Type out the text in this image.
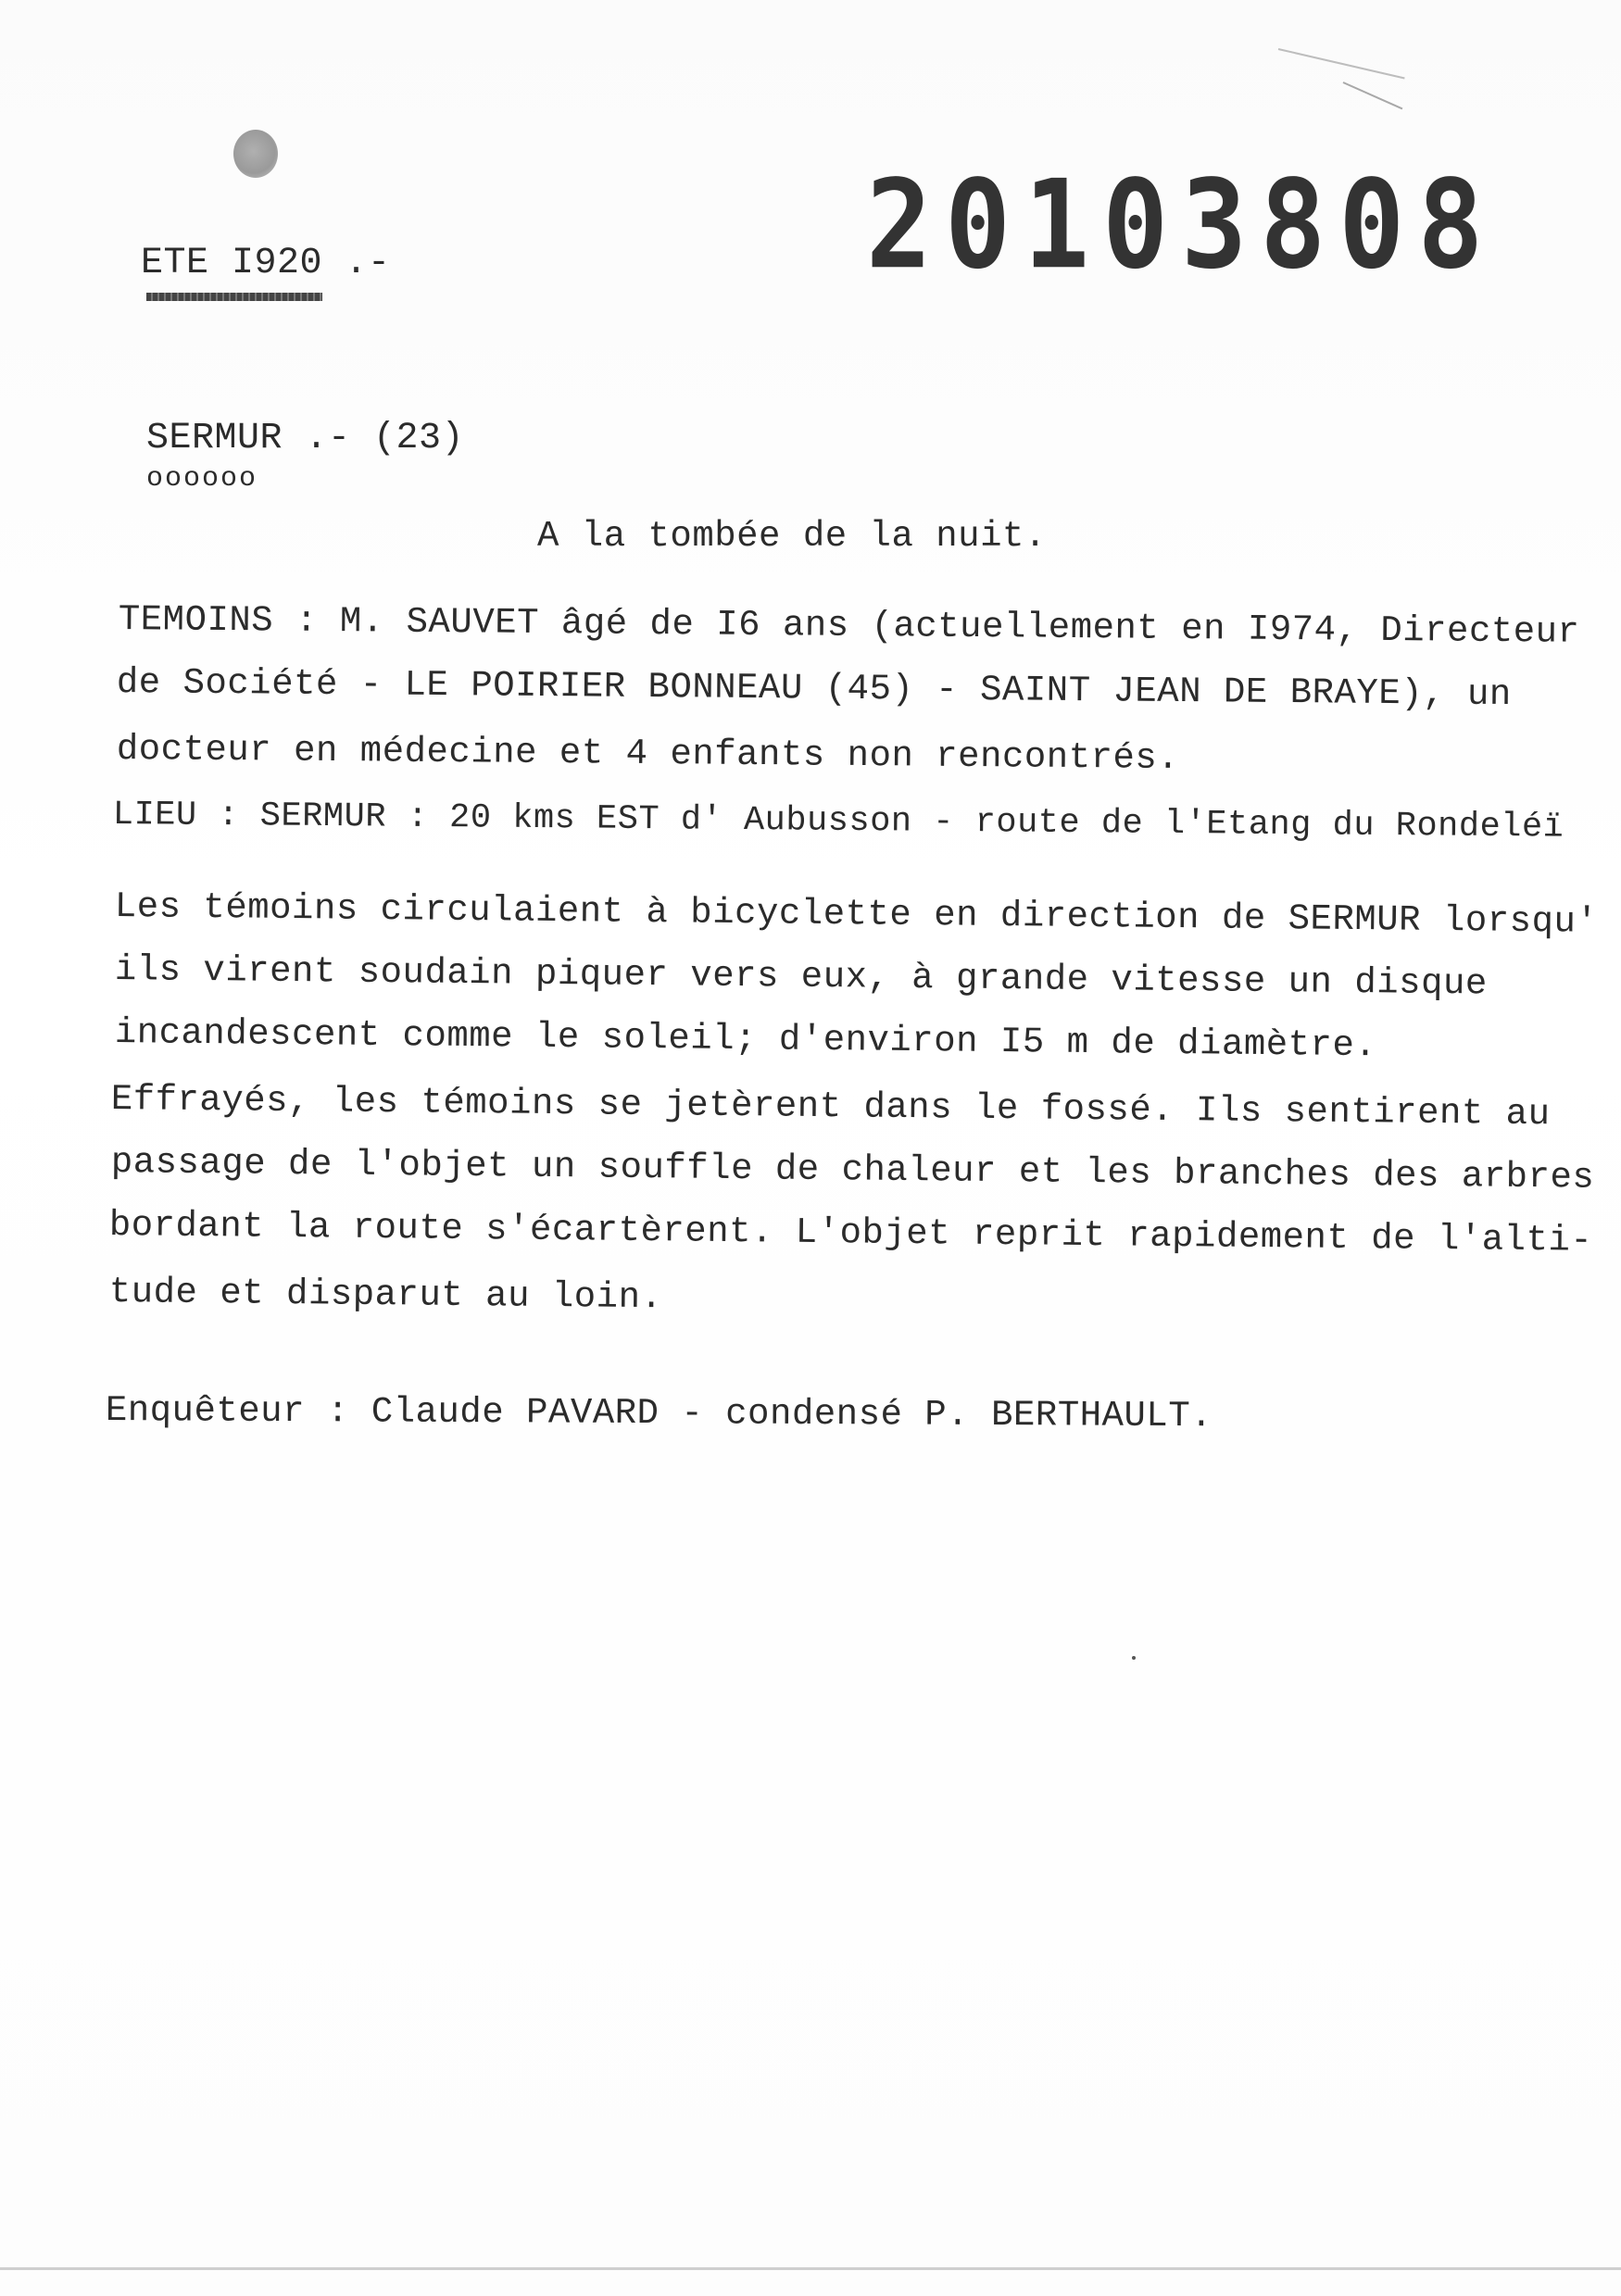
20103808
ETE I920 .-
SERMUR .- (23)
oooooo
A la tombée de la nuit.
TEMOINS : M. SAUVET âgé de I6 ans (actuellement en I974, Directeur
de Société - LE POIRIER BONNEAU (45) - SAINT JEAN DE BRAYE), un
docteur en médecine et 4 enfants non rencontrés.
LIEU : SERMUR : 20 kms EST d' Aubusson - route de l'Etang du Rondeléï
Les témoins circulaient à bicyclette en direction de SERMUR lorsqu'
ils virent soudain piquer vers eux, à grande vitesse un disque
incandescent comme le soleil; d'environ I5 m de diamètre.
Effrayés, les témoins se jetèrent dans le fossé. Ils sentirent au
passage de l'objet un souffle de chaleur et les branches des arbres
bordant la route s'écartèrent. L'objet reprit rapidement de l'alti-
tude et disparut au loin.
Enquêteur : Claude PAVARD - condensé P. BERTHAULT.
